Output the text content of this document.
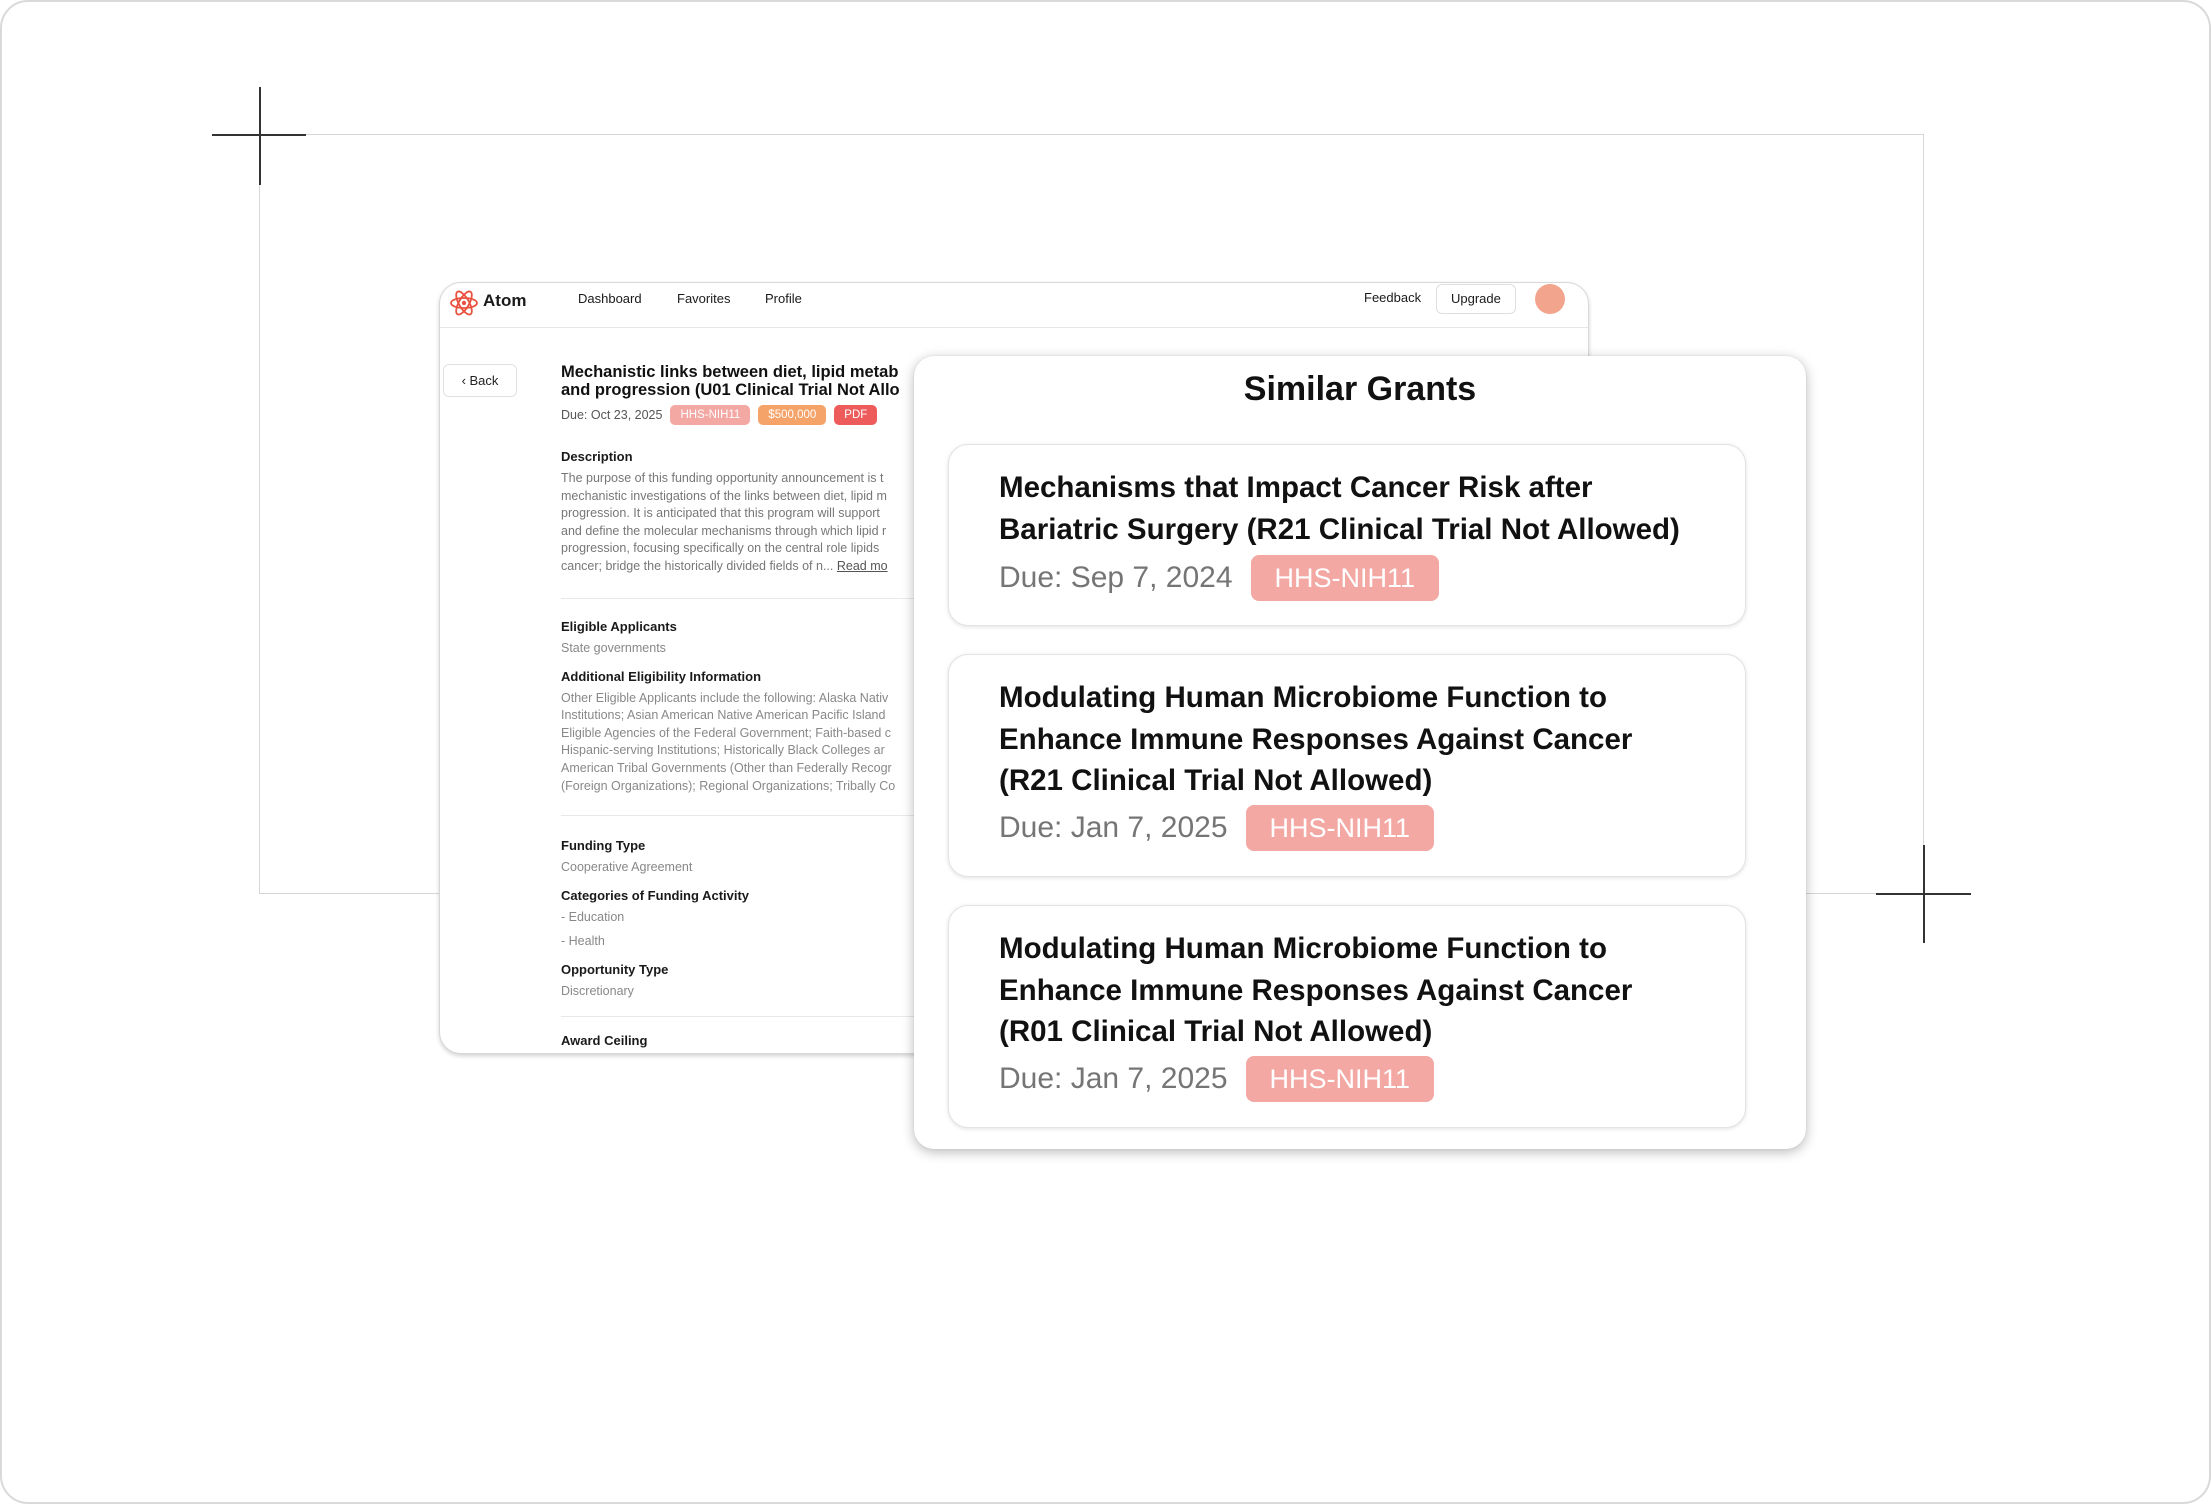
Atom	Dashboard	Favorites	Profile	Feedback	Upgrade
‹ Back	Mechanistic links between diet, lipid metab
and progression (U01 Clinical Trial Not Allo
Due: Oct 23, 2025	HHS-NIH11	$500,000	PDF
Description
The purpose of this funding opportunity announcement is t
mechanistic investigations of the links between diet, lipid m
progression. It is anticipated that this program will support
and define the molecular mechanisms through which lipid r
progression, focusing specifically on the central role lipids
cancer; bridge the historically divided fields of n... Read mo
Eligible Applicants
State governments
Additional Eligibility Information
Other Eligible Applicants include the following: Alaska Nativ
Institutions; Asian American Native American Pacific Island
Eligible Agencies of the Federal Government; Faith-based c
Hispanic-serving Institutions; Historically Black Colleges ar
American Tribal Governments (Other than Federally Recogr
(Foreign Organizations); Regional Organizations; Tribally Co
Funding Type
Cooperative Agreement
Categories of Funding Activity
- Education
- Health
Opportunity Type
Discretionary
Award Ceiling
Similar Grants
Mechanisms that Impact Cancer Risk after
Bariatric Surgery (R21 Clinical Trial Not Allowed)
Due: Sep 7, 2024	HHS-NIH11
Modulating Human Microbiome Function to
Enhance Immune Responses Against Cancer
(R21 Clinical Trial Not Allowed)
Due: Jan 7, 2025	HHS-NIH11
Modulating Human Microbiome Function to
Enhance Immune Responses Against Cancer
(R01 Clinical Trial Not Allowed)
Due: Jan 7, 2025	HHS-NIH11
